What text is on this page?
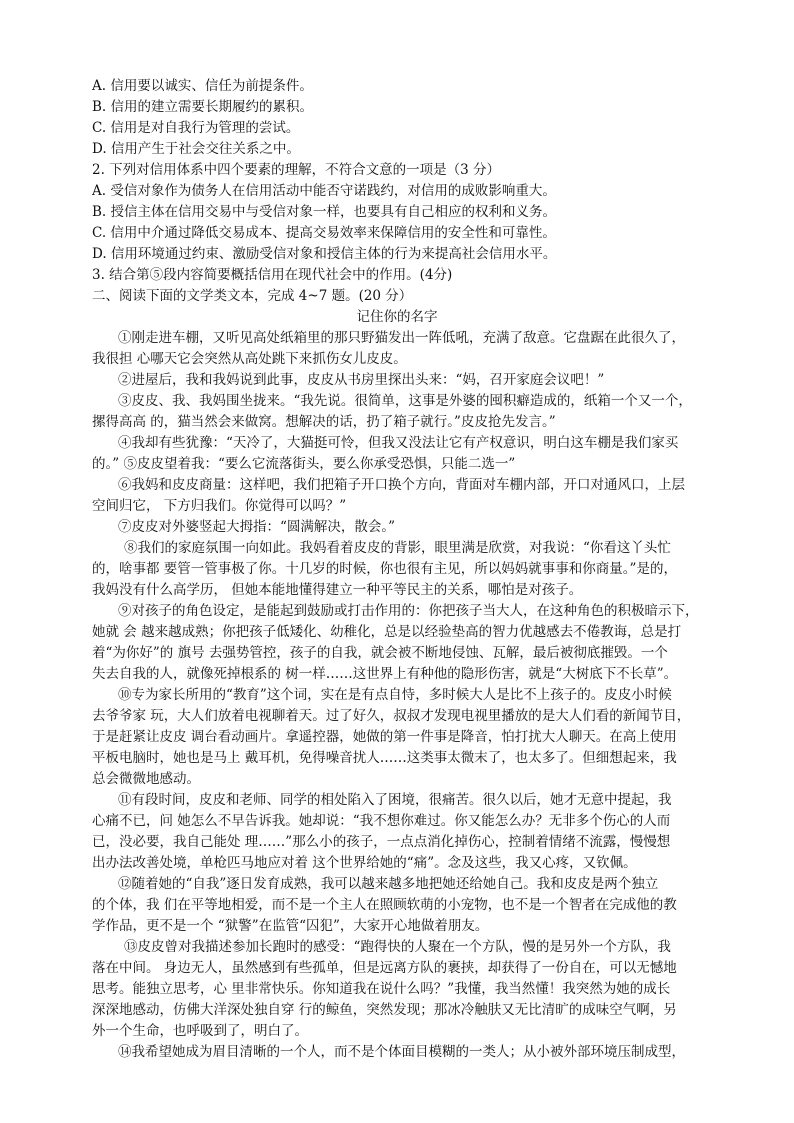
A. 信用要以诚实、信任为前提条件。
B. 信用的建立需要长期履约的累积。
C. 信用是对自我行为管理的尝试。
D. 信用产生于社会交往关系之中。
2. 下列对信用体系中四个要素的理解，不符合文意的一项是（3 分）
A. 受信对象作为债务人在信用活动中能否守诺践约，对信用的成败影响重大。
B. 授信主体在信用交易中与受信对象一样，也要具有自己相应的权利和义务。
C. 信用中介通过降低交易成本、提高交易效率来保障信用的安全性和可靠性。
D. 信用环境通过约束、激励受信对象和授信主体的行为来提高社会信用水平。
3. 结合第⑤段内容简要概括信用在现代社会中的作用。(4分)
二、阅读下面的文学类文本，完成 4~7 题。(20 分）
记住你的名字
①刚走进车棚，又听见高处纸箱里的那只野猫发出一阵低吼，充满了敌意。它盘踞在此很久了，
我很担 心哪天它会突然从高处跳下来抓伤女儿皮皮。
②进屋后，我和我妈说到此事，皮皮从书房里探出头来：“妈，召开家庭会议吧！”
③皮皮、我、我妈围坐拢来。“我先说。很简单，这事是外婆的囤积癖造成的，纸箱一个又一个，
摞得高高 的，猫当然会来做窝。想解决的话，扔了箱子就行。”皮皮抢先发言。”
④我却有些犹豫：“天冷了，大猫挺可怜，但我又没法让它有产权意识，明白这车棚是我们家买
的。” ⑤皮皮望着我：“要么它流落街头，要么你承受恐惧，只能二选一”
⑥我妈和皮皮商量：这样吧，我们把箱子开口换个方向，背面对车棚内部，开口对通风口，上层
空间归它， 下方归我们。你觉得可以吗？”
⑦皮皮对外婆竖起大拇指：“圆满解决，散会。”
⑧我们的家庭氛围一向如此。我妈看着皮皮的背影，眼里满是欣赏，对我说：“你看这丫头忙
的，啥事都 要管一管事极了你。十几岁的时候，你也很有主见，所以妈妈就事事和你商量。”是的，
我妈没有什么高学历， 但她本能地懂得建立一种平等民主的关系，哪怕是对孩子。
⑨对孩子的角色设定，是能起到鼓励或打击作用的：你把孩子当大人，在这种角色的积极暗示下，
她就 会 越来越成熟；你把孩子低矮化、幼稚化，总是以经验垫高的智力优越感去不倦教诲，总是打
着“为你好”的 旗号 去强势管控，孩子的自我，就会被不断地侵蚀、瓦解，最后被彻底摧毁。一个
失去自我的人，就像死掉根系的 树一样……这世界上有种他的隐形伤害，就是“大树底下不长草”。
⑩专为家长所用的“教育”这个词，实在是有点自恃，多时候大人是比不上孩子的。皮皮小时候
去爷爷家 玩，大人们放着电视聊着天。过了好久，叔叔才发现电视里播放的是大人们看的新闻节目，
于是赶紧让皮皮 调台看动画片。拿遥控器，她做的第一件事是降音，怕打扰大人聊天。在高上使用
平板电脑时，她也是马上 戴耳机，免得噪音扰人……这类事太微末了，也太多了。但细想起来，我
总会微微地感动。
⑪有段时间，皮皮和老师、同学的相处陷入了困境，很痛苦。很久以后，她才无意中提起，我
心痛不已，问 她怎么不早告诉我。她却说：“我不想你难过。你又能怎么办？无非多个伤心的人而
已，没必要，我自己能处 理……”那么小的孩子，一点点消化掉伤心，控制着情绪不流露，慢慢想
出办法改善处境，单枪匹马地应对着 这个世界给她的“痛”。念及这些，我又心疼，又钦佩。
⑫随着她的“自我”逐日发育成熟，我可以越来越多地把她还给她自己。我和皮皮是两个独立
的个体，我 们在平等地相爱，而不是一个主人在照顾软萌的小宠物，也不是一个智者在完成他的教
学作品，更不是一个 “狱警”在监管“囚犯”，大家开心地做着朋友。
⑬皮皮曾对我描述参加长跑时的感受：“跑得快的人聚在一个方队，慢的是另外一个方队，我
落在中间。 身边无人，虽然感到有些孤单，但是远离方队的裹挟，却获得了一份自在，可以无憾地
思考。能独立思考，心 里非常快乐。你知道我在说什么吗？”我懂，我当然懂！我突然为她的成长
深深地感动，仿佛大洋深处独自穿 行的鲸鱼，突然发现；那冰冷触肤又无比清旷的成味空气啊，另
外一个生命，也呼吸到了，明白了。
⑭我希望她成为眉目清晰的一个人，而不是个体面目模糊的一类人；从小被外部环境压制成型，
